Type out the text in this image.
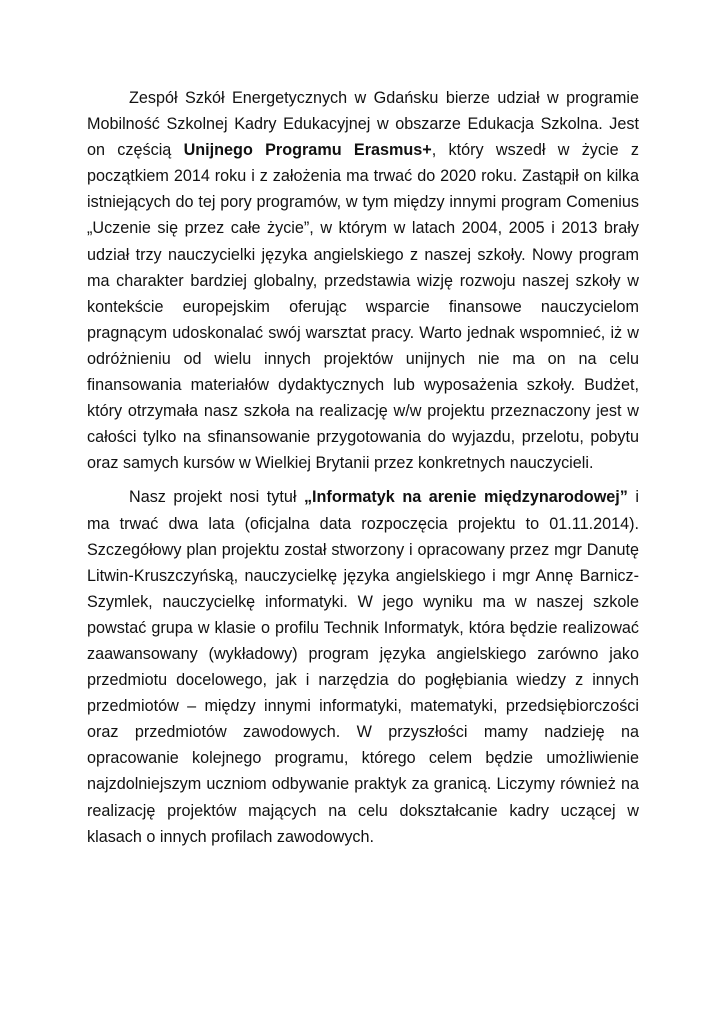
Zespół Szkół Energetycznych w Gdańsku bierze udział w programie Mobilność Szkolnej Kadry Edukacyjnej w obszarze Edukacja Szkolna. Jest on częścią Unijnego Programu Erasmus+, który wszedł w życie z początkiem 2014 roku i z założenia ma trwać do 2020 roku. Zastąpił on kilka istniejących do tej pory programów, w tym między innymi program Comenius „Uczenie się przez całe życie”, w którym w latach 2004, 2005 i 2013 brały udział trzy nauczycielki języka angielskiego z naszej szkoły. Nowy program ma charakter bardziej globalny, przedstawia wizję rozwoju naszej szkoły w kontekście europejskim oferując wsparcie finansowe nauczycielom pragnącym udoskonalać swój warsztat pracy. Warto jednak wspomnieć, iż w odróżnieniu od wielu innych projektów unijnych nie ma on na celu finansowania materiałów dydaktycznych lub wyposażenia szkoły. Budżet, który otrzymała nasz szkoła na realizację w/w projektu przeznaczony jest w całości tylko na sfinansowanie przygotowania do wyjazdu, przelotu, pobytu oraz samych kursów w Wielkiej Brytanii przez konkretnych nauczycieli.

Nasz projekt nosi tytuł „Informatyk na arenie międzynarodowej” i ma trwać dwa lata (oficjalna data rozpoczęcia projektu to 01.11.2014). Szczegółowy plan projektu został stworzony i opracowany przez mgr Danutę Litwin-Kruszczyńską, nauczycielkę języka angielskiego i mgr Annę Barnicz-Szymlek, nauczycielkę informatyki. W jego wyniku ma w naszej szkole powstać grupa w klasie o profilu Technik Informatyk, która będzie realizować zaawansowany (wykładowy) program języka angielskiego zarówno jako przedmiotu docelowego, jak i narzędzia do pogłębiania wiedzy z innych przedmiotów – między innymi informatyki, matematyki, przedsiębiorczości oraz przedmiotów zawodowych. W przyszłości mamy nadzieję na opracowanie kolejnego programu, którego celem będzie umożliwienie najzdolniejszym uczniom odbywanie praktyk za granicą. Liczymy również na realizację projektów mających na celu dokształcanie kadry uczącej w klasach o innych profilach zawodowych.
